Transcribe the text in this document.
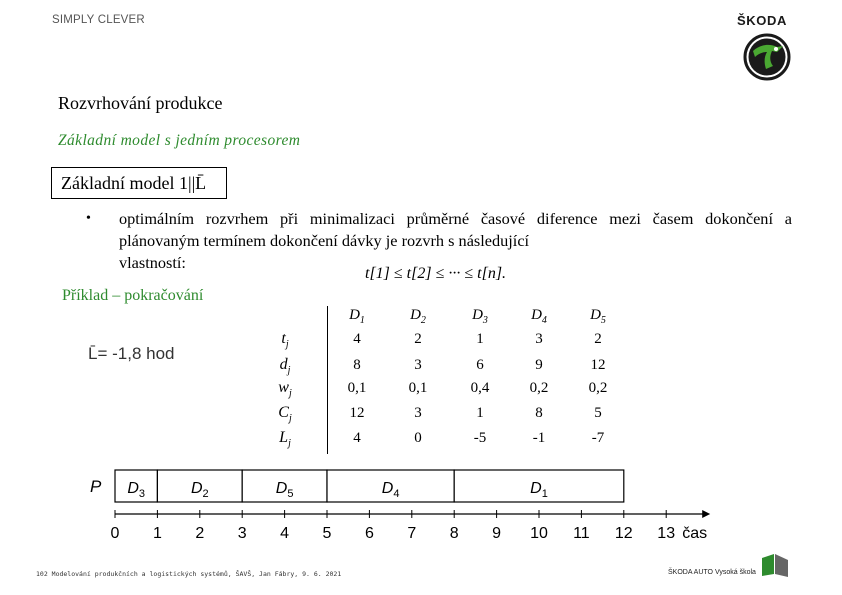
SIMPLY CLEVER	ŠKODA
Rozvrhování produkce
Základní model s jedním procesorem
Základní model 1||L̄
• optimálním rozvrhem při minimalizaci průměrné časové diference mezi časem dokončení a plánovaným termínem dokončení dávky je rozvrh s následující
vlastností:
t[1] ≤ t[2] ≤ ··· ≤ t[n].
Příklad – pokračování
L̄= -1,8 hod
P $D_3$	$D_2$	$D_5$	$D_4$	$D_1$
0 1 2 3 4 5 6 7 8 9 10 11 12 13 čas
102 Modelování produkčních a logistických systémů, ŠAVŠ, Jan Fábry, 9. 6. 2021	ŠKODA AUTO Vysoká škola
$D_1$	$D_2$	$D_3$	$D_4$	$D_5$
$t_j$	4	2	1	3	2
$d_j$	8	3	6	9	12
$w_j$	0,1	0,1	0,4	0,2	0,2
$C_j$	12	3	1	8	5
$L_j$	4	0	-5	-1	-7
